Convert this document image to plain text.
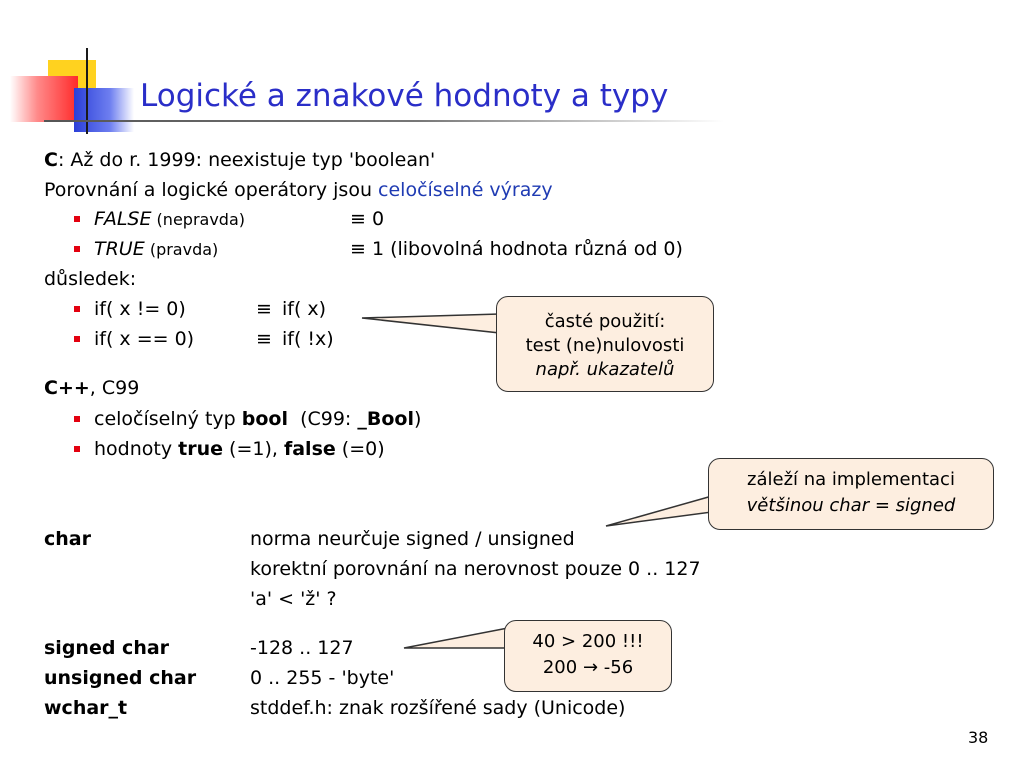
Logické a znakové hodnoty a typy
C: Až do r. 1999: neexistuje typ 'boolean'
Porovnání a logické operátory jsou celočíselné výrazy
FALSE (nepravda)	≡ 0
TRUE (pravda)	≡ 1 (libovolná hodnota různá od 0)
důsledek:
if( x != 0)	≡ if( x)
if( x == 0)	≡ if( !x)
časté použití:
test (ne)nulovosti
např. ukazatelů
C++, C99
celočíselný typ bool  (C99: _Bool)
hodnoty true (=1), false (=0)
záleží na implementaci
většinou char = signed
char	norma neurčuje signed / unsigned
korektní porovnání na nerovnost pouze 0 .. 127
'a' < 'ž' ?
signed char	-128 .. 127
unsigned char	0 .. 255 - 'byte'
wchar_t	stddef.h: znak rozšířené sady (Unicode)
40 > 200 !!!
200 → -56
38
